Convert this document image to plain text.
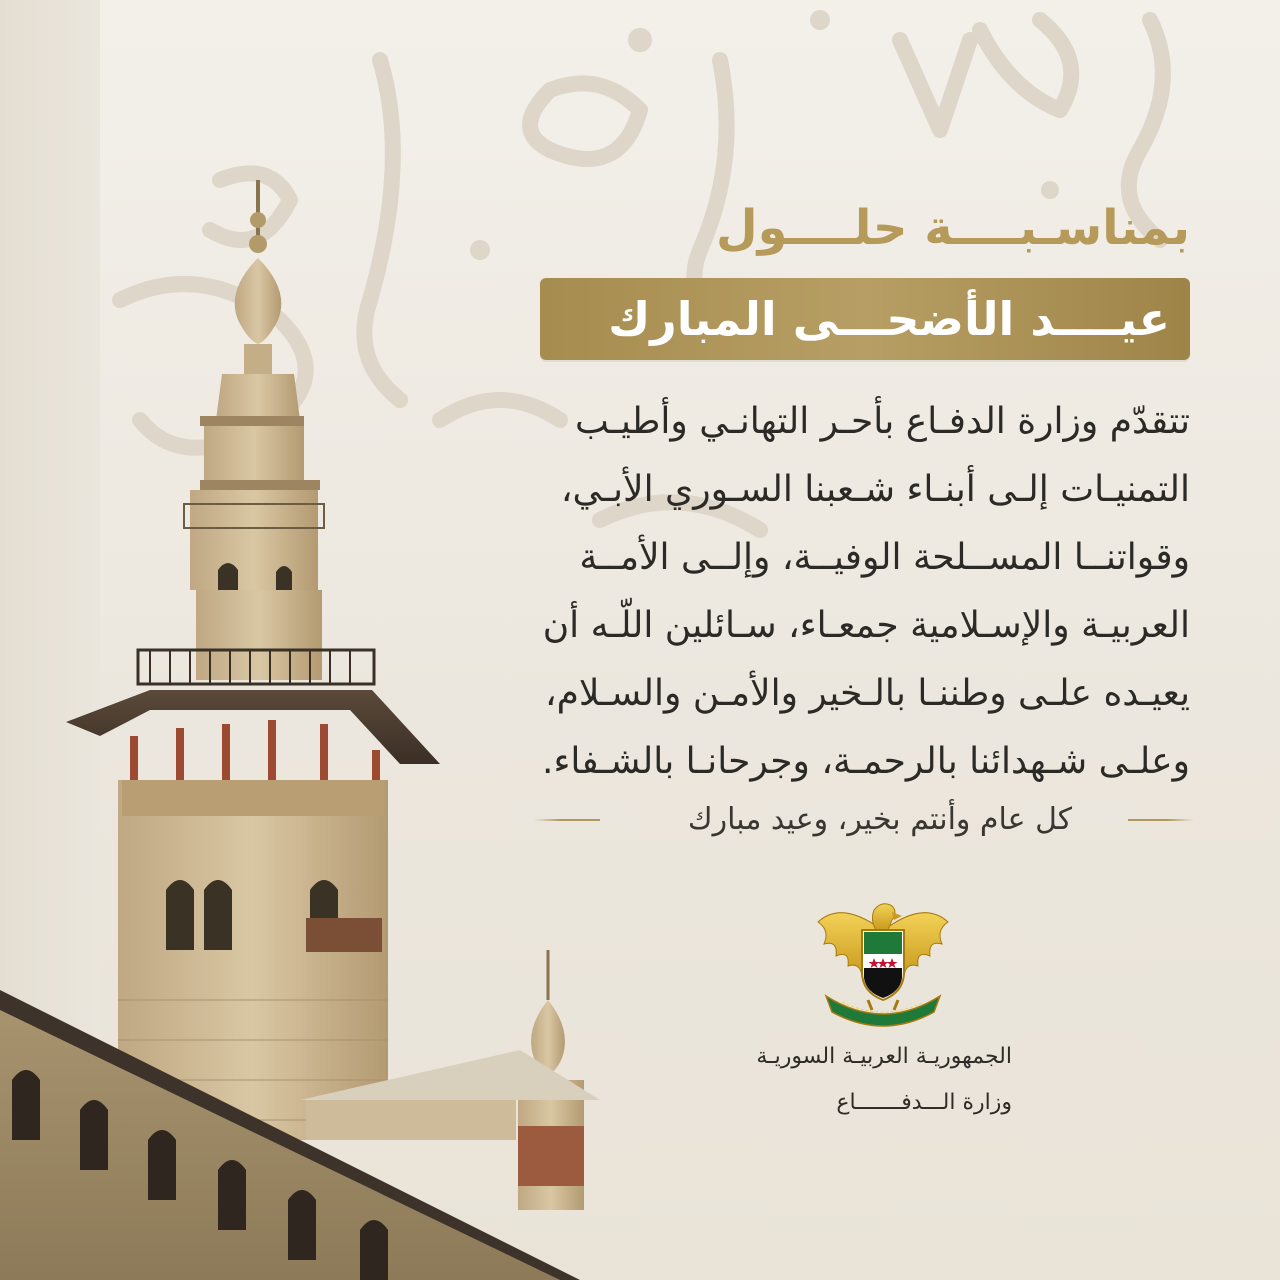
بمناسـبــــة حلــــول
عيــــد الأضحـــى المبارك
تتقدّم وزارة الدفـاع بأحـر التهانـي وأطيـب
التمنيـات إلـى أبنـاء شـعبنا السـوري الأبـي،
وقواتنــا المســلحة الوفيــة، وإلــى الأمــة
العربيـة والإسـلامية جمعـاء، سـائلين اللّـه أن
يعيـده علـى وطننـا بالـخير والأمـن والسـلام،
وعلـى شـهدائنا بالرحمـة، وجرحانـا بالشـفاء.
كل عام وأنتم بخير، وعيد مبارك
الجمهوريـة العربيـة السوريـة
وزارة الـــدفـــــــاع
